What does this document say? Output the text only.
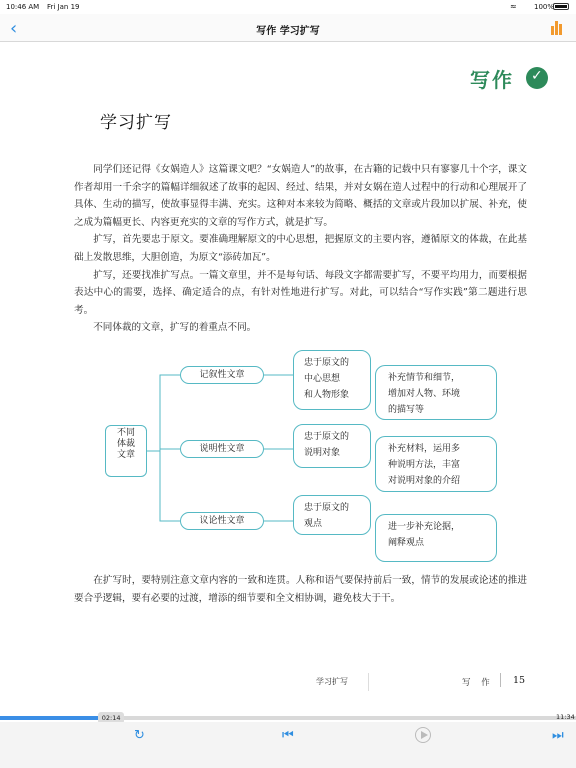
10:46 AM Fri Jan 19	≈ 100%
‹	写作 学习扩写
写作
✓
学习扩写

同学们还记得《女娲造人》这篇课文吧？“女娲造人”的故事，在古籍的记载中只有寥寥几十个字，课文作者却用一千余字的篇幅详细叙述了故事的起因、经过、结果，并对女娲在造人过程中的行动和心理展开了具体、生动的描写，使故事显得丰满、充实。这种对本来较为简略、概括的文章或片段加以扩展、补充，使之成为篇幅更长、内容更充实的文章的写作方式，就是扩写。

扩写，首先要忠于原文。要准确理解原文的中心思想，把握原文的主要内容，遵循原文的体裁，在此基础上发散思维，大胆创造，为原文“添砖加瓦”。

扩写，还要找准扩写点。一篇文章里，并不是每句话、每段文字都需要扩写，不要平均用力，而要根据表达中心的需要，选择、确定适合的点，有针对性地进行扩写。对此，可以结合“写作实践”第二题进行思考。

不同体裁的文章，扩写的着重点不同。

不同
体裁
文章
记叙性文章
说明性文章
议论性文章
忠于原文的
中心思想
和人物形象
忠于原文的
说明对象
忠于原文的
观点
补充情节和细节，
增加对人物、环境
的描写等
补充材料，运用多
种说明方法，丰富
对说明对象的介绍
进一步补充论据，
阐释观点

在扩写时，要特别注意文章内容的一致和连贯。人称和语气要保持前后一致，情节的发展或论述的推进要合乎逻辑，要有必要的过渡，增添的细节要和全文相协调，避免枝大于干。

学习扩写	写 作 15
02:14	11:34
↻	⏮	⏭
